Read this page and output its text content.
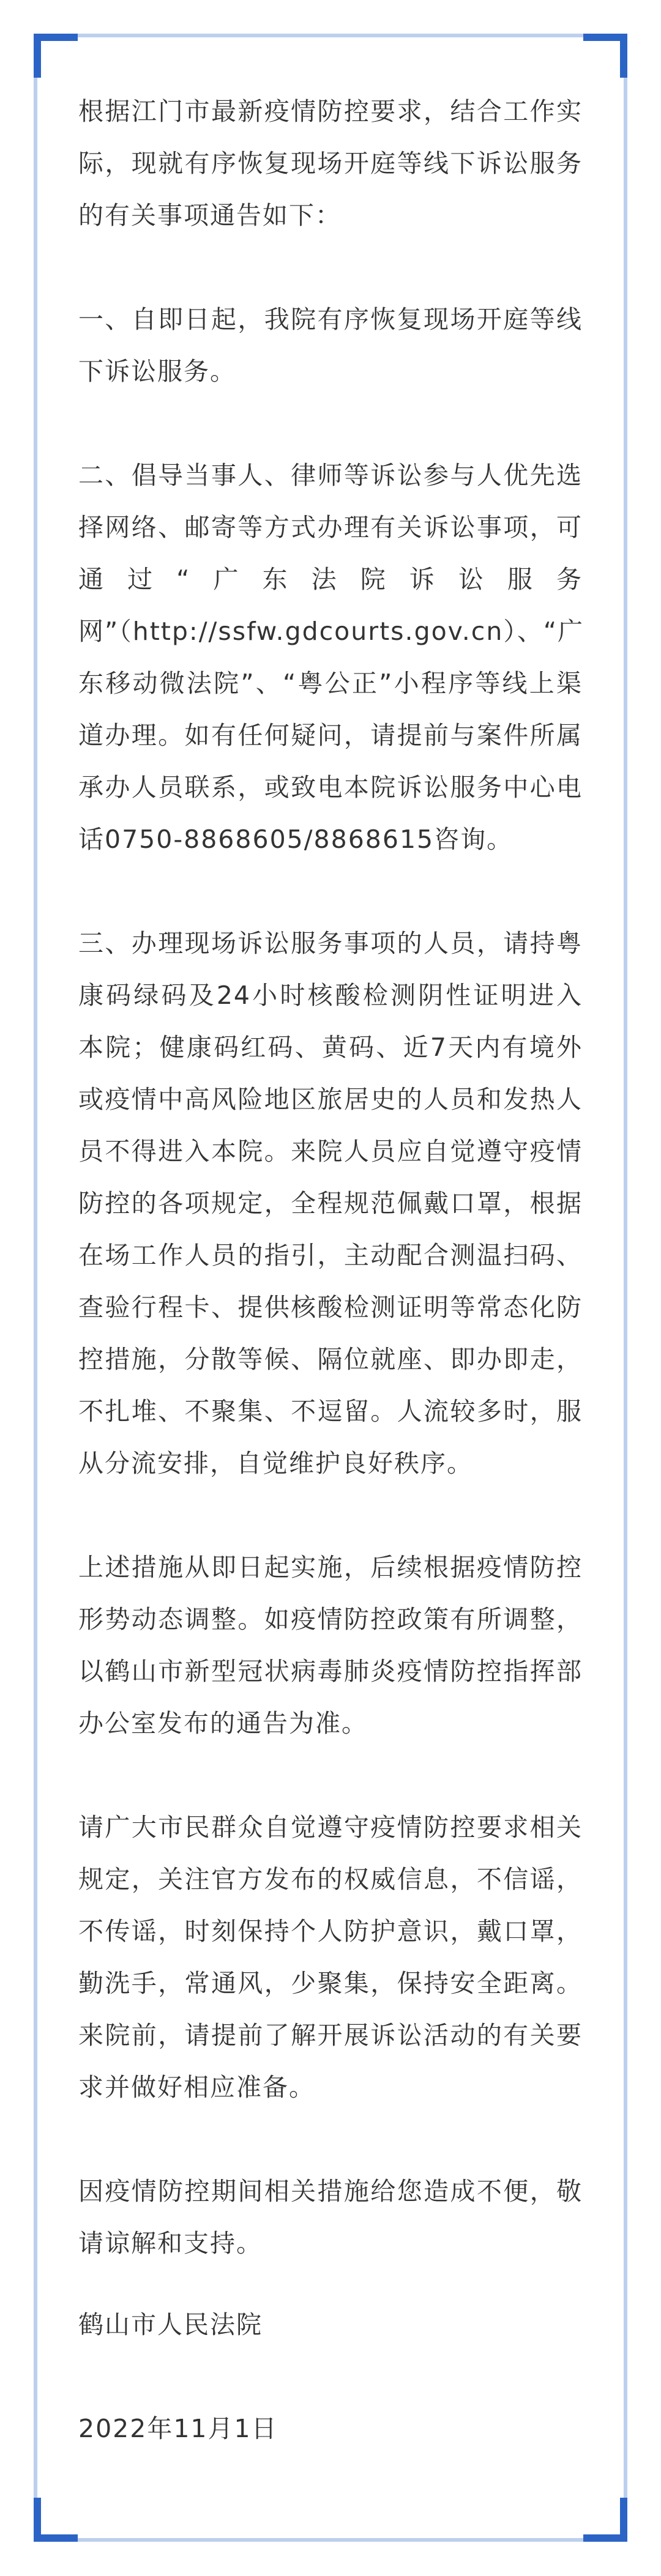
根据江门市最新疫情防控要求，结合工作实际，现就有序恢复现场开庭等线下诉讼服务的有关事项通告如下：

一、自即日起，我院有序恢复现场开庭等线下诉讼服务。

二、倡导当事人、律师等诉讼参与人优先选择网络、邮寄等方式办理有关诉讼事项，可通过“广东法院诉讼服务网”（http://ssfw.gdcourts.gov.cn）、“广东移动微法院”、“粤公正”小程序等线上渠道办理。如有任何疑问，请提前与案件所属承办人员联系，或致电本院诉讼服务中心电话0750-8868605/8868615咨询。

三、办理现场诉讼服务事项的人员，请持粤康码绿码及24小时核酸检测阴性证明进入本院；健康码红码、黄码、近7天内有境外或疫情中高风险地区旅居史的人员和发热人员不得进入本院。来院人员应自觉遵守疫情防控的各项规定，全程规范佩戴口罩，根据在场工作人员的指引，主动配合测温扫码、查验行程卡、提供核酸检测证明等常态化防控措施，分散等候、隔位就座、即办即走，不扎堆、不聚集、不逗留。人流较多时，服从分流安排，自觉维护良好秩序。

上述措施从即日起实施，后续根据疫情防控形势动态调整。如疫情防控政策有所调整，以鹤山市新型冠状病毒肺炎疫情防控指挥部办公室发布的通告为准。

请广大市民群众自觉遵守疫情防控要求相关规定，关注官方发布的权威信息，不信谣，不传谣，时刻保持个人防护意识，戴口罩，勤洗手，常通风，少聚集，保持安全距离。来院前，请提前了解开展诉讼活动的有关要求并做好相应准备。

因疫情防控期间相关措施给您造成不便，敬请谅解和支持。

鹤山市人民法院

2022年11月1日
